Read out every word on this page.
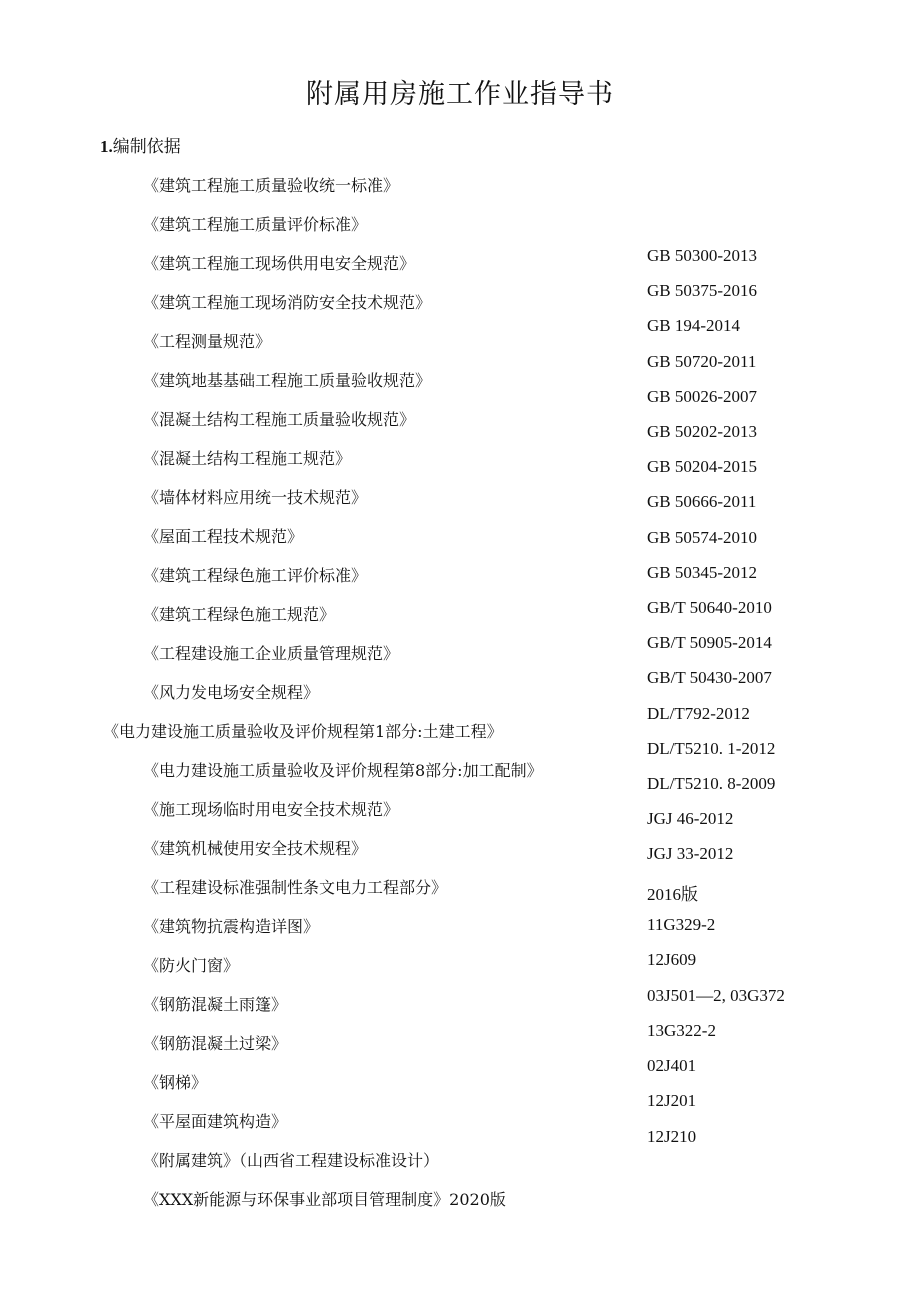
附属用房施工作业指导书
1.编制依据
《建筑工程施工质量验收统一标准》
《建筑工程施工质量评价标准》
《建筑工程施工现场供用电安全规范》
《建筑工程施工现场消防安全技术规范》
《工程测量规范》
《建筑地基基础工程施工质量验收规范》
《混凝土结构工程施工质量验收规范》
《混凝土结构工程施工规范》
《墙体材料应用统一技术规范》
《屋面工程技术规范》
《建筑工程绿色施工评价标准》
《建筑工程绿色施工规范》
《工程建设施工企业质量管理规范》
《风力发电场安全规程》
《电力建设施工质量验收及评价规程第1部分:土建工程》
《电力建设施工质量验收及评价规程第8部分:加工配制》
《施工现场临时用电安全技术规范》
《建筑机械使用安全技术规程》
《工程建设标准强制性条文电力工程部分》
《建筑物抗震构造详图》
《防火门窗》
《钢筋混凝土雨篷》
《钢筋混凝土过梁》
《钢梯》
《平屋面建筑构造》
《附属建筑》（山西省工程建设标准设计）
《XXX新能源与环保事业部项目管理制度》2020版
GB 50300-2013
GB 50375-2016
GB 194-2014
GB 50720-2011
GB 50026-2007
GB 50202-2013
GB 50204-2015
GB 50666-2011
GB 50574-2010
GB 50345-2012
GB/T 50640-2010
GB/T 50905-2014
GB/T 50430-2007
DL/T792-2012
DL/T5210. 1-2012
DL/T5210. 8-2009
JGJ 46-2012
JGJ 33-2012
2016版
11G329-2
12J609
03J501—2, 03G372
13G322-2
02J401
12J201
12J210
